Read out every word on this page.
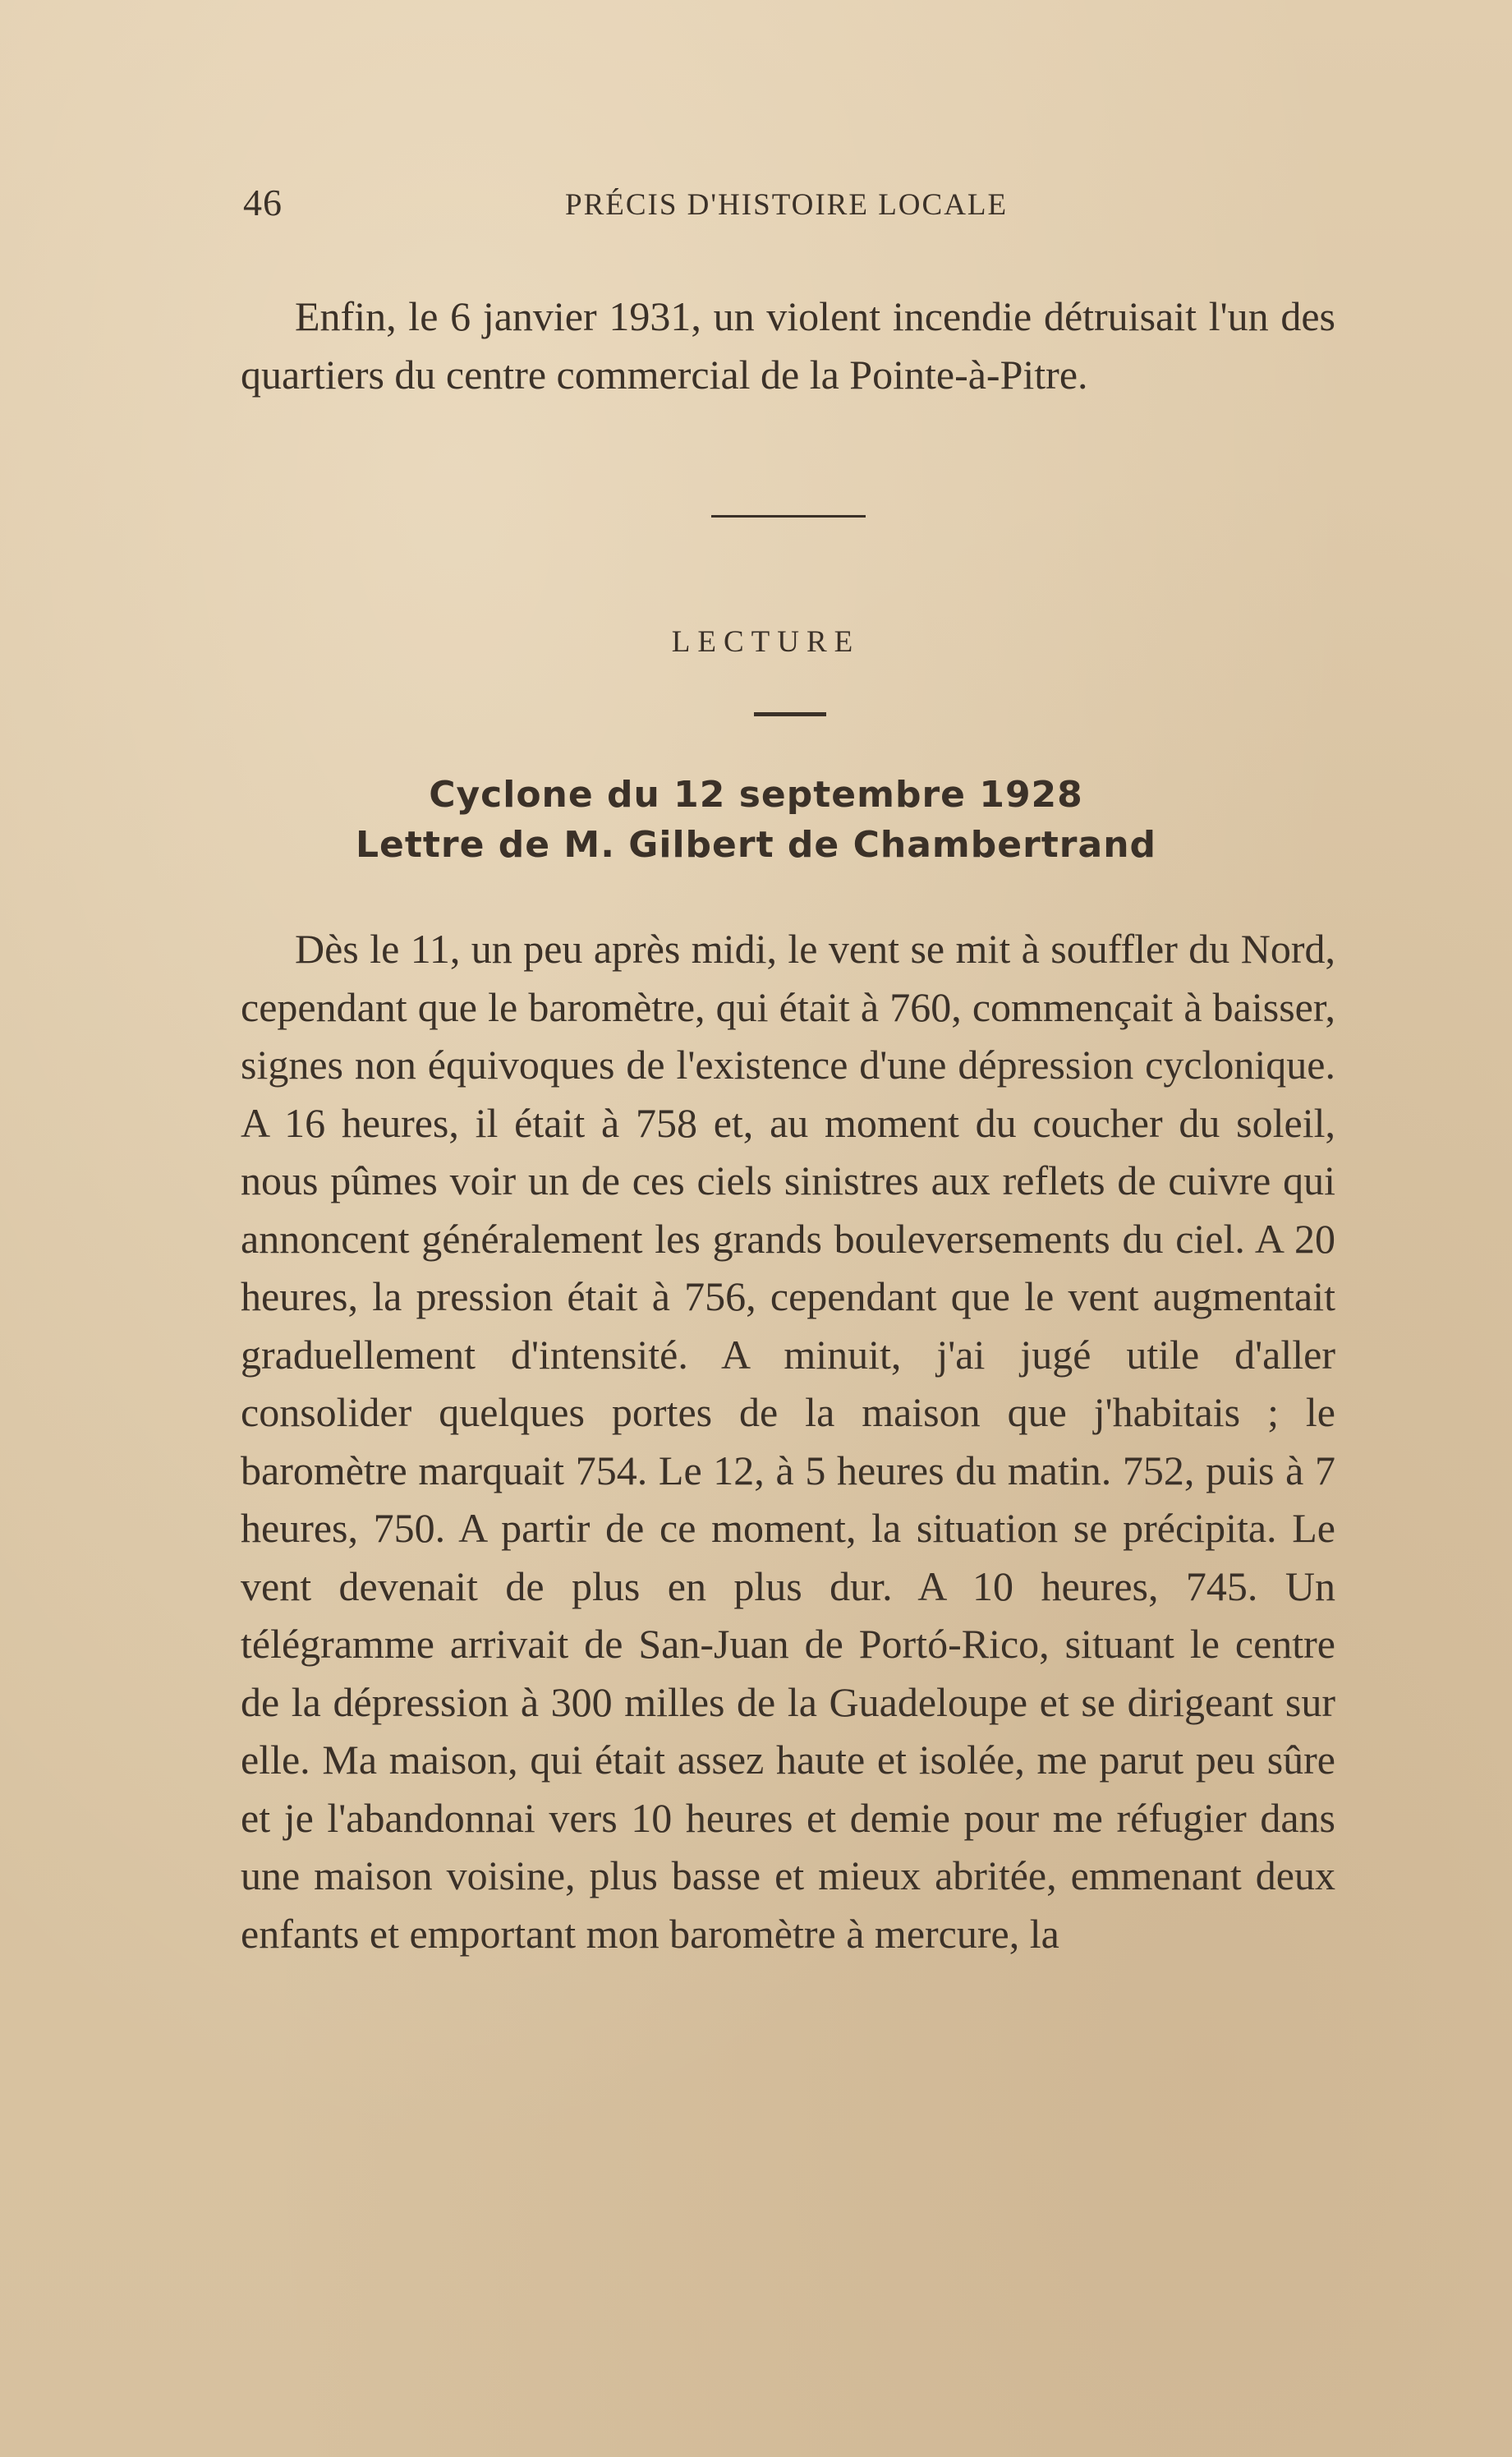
46	PRÉCIS D'HISTOIRE LOCALE
Enfin, le 6 janvier 1931, un violent incendie détruisait l'un des quartiers du centre commercial de la Pointe-à-Pitre.
LECTURE
Cyclone du 12 septembre 1928
Lettre de M. Gilbert de Chambertrand
Dès le 11, un peu après midi, le vent se mit à souffler du Nord, cependant que le baromètre, qui était à 760, commençait à baisser, signes non équivoques de l'existence d'une dépression cyclonique. A 16 heures, il était à 758 et, au moment du coucher du soleil, nous pûmes voir un de ces ciels sinistres aux reflets de cuivre qui annoncent généralement les grands bouleversements du ciel. A 20 heures, la pression était à 756, cependant que le vent augmentait graduellement d'intensité. A minuit, j'ai jugé utile d'aller consolider quelques portes de la maison que j'habitais ; le baromètre marquait 754. Le 12, à 5 heures du matin. 752, puis à 7 heures, 750. A partir de ce moment, la situation se précipita. Le vent devenait de plus en plus dur. A 10 heures, 745. Un télégramme arrivait de San-Juan de Portó-Rico, situant le centre de la dépression à 300 milles de la Guadeloupe et se dirigeant sur elle. Ma maison, qui était assez haute et isolée, me parut peu sûre et je l'abandonnai vers 10 heures et demie pour me réfugier dans une maison voisine, plus basse et mieux abritée, emmenant deux enfants et emportant mon baromètre à mercure, la
